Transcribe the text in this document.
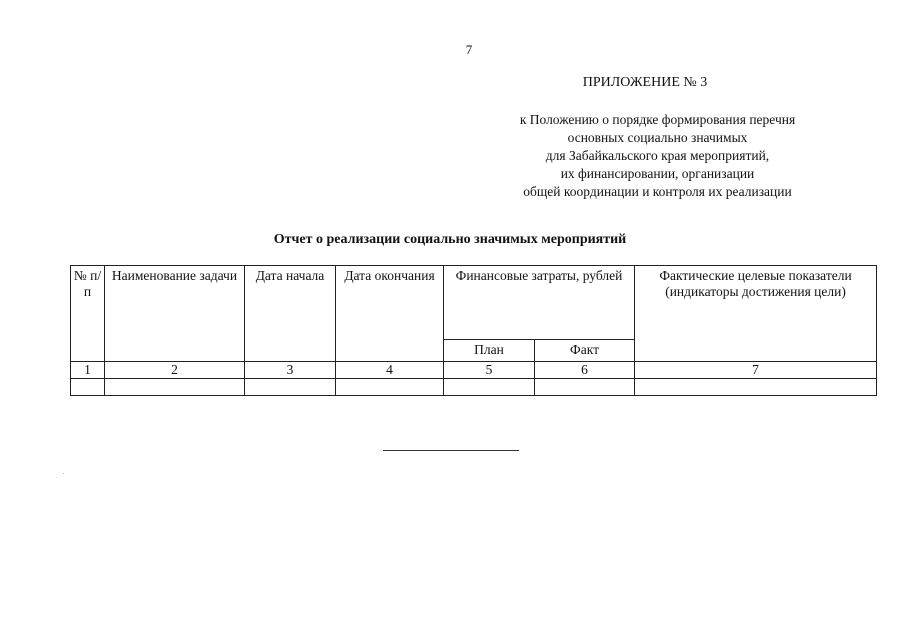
7
ПРИЛОЖЕНИЕ № 3
к Положению о порядке формирования перечня
основных социально значимых
для Забайкальского края мероприятий,
их финансировании, организации
общей координации и контроля их реализации
Отчет о реализации социально значимых мероприятий
№ п/п	Наименование задачи	Дата начала	Дата окончания	Финансовые затраты, рублей		Фактические целевые показатели (индикаторы достижения цели)
				План	Факт	
1	2	3	4	5	6	7
